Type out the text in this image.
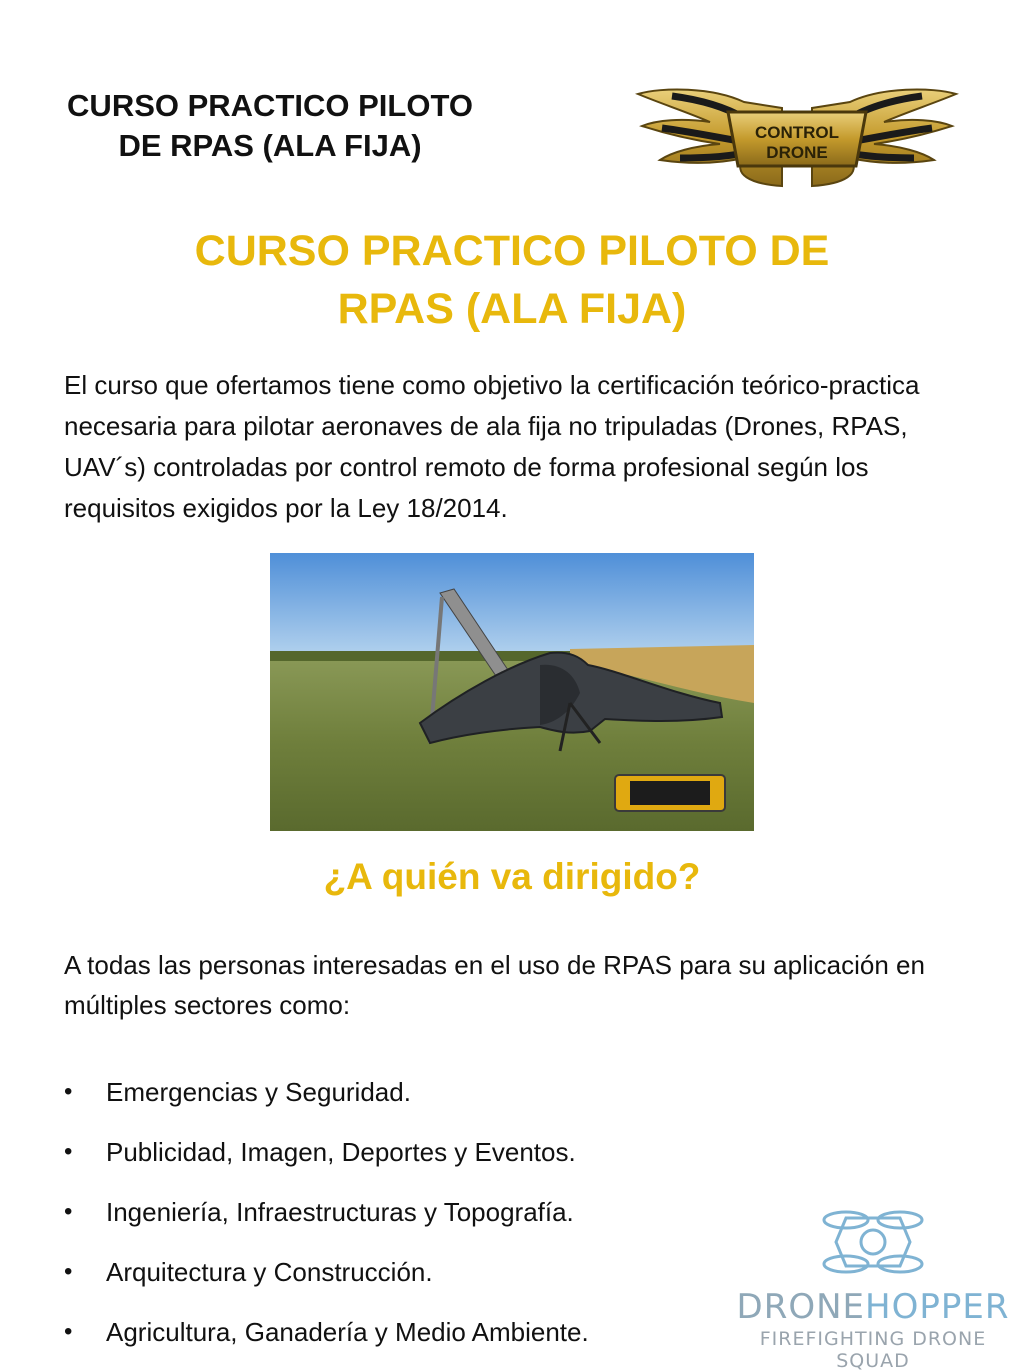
CURSO PRACTICO PILOTO
DE RPAS (ALA FIJA)	CONTROL
DRONE
CURSO PRACTICO PILOTO DE
RPAS (ALA FIJA)
El curso que ofertamos tiene como objetivo la certificación teórico-practica necesaria para pilotar aeronaves de ala fija no tripuladas (Drones, RPAS, UAV´s) controladas por control remoto de forma profesional según los requisitos exigidos por la Ley 18/2014.
¿A quién va dirigido?
A todas las personas interesadas en el uso de RPAS para su aplicación en múltiples sectores como:
•	Emergencias y Seguridad.
•	Publicidad, Imagen, Deportes y Eventos.
•	Ingeniería, Infraestructuras y Topografía.
•	Arquitectura y Construcción.
•	Agricultura, Ganadería y Medio Ambiente.
DRONEHOPPER
FIREFIGHTING DRONE SQUAD
